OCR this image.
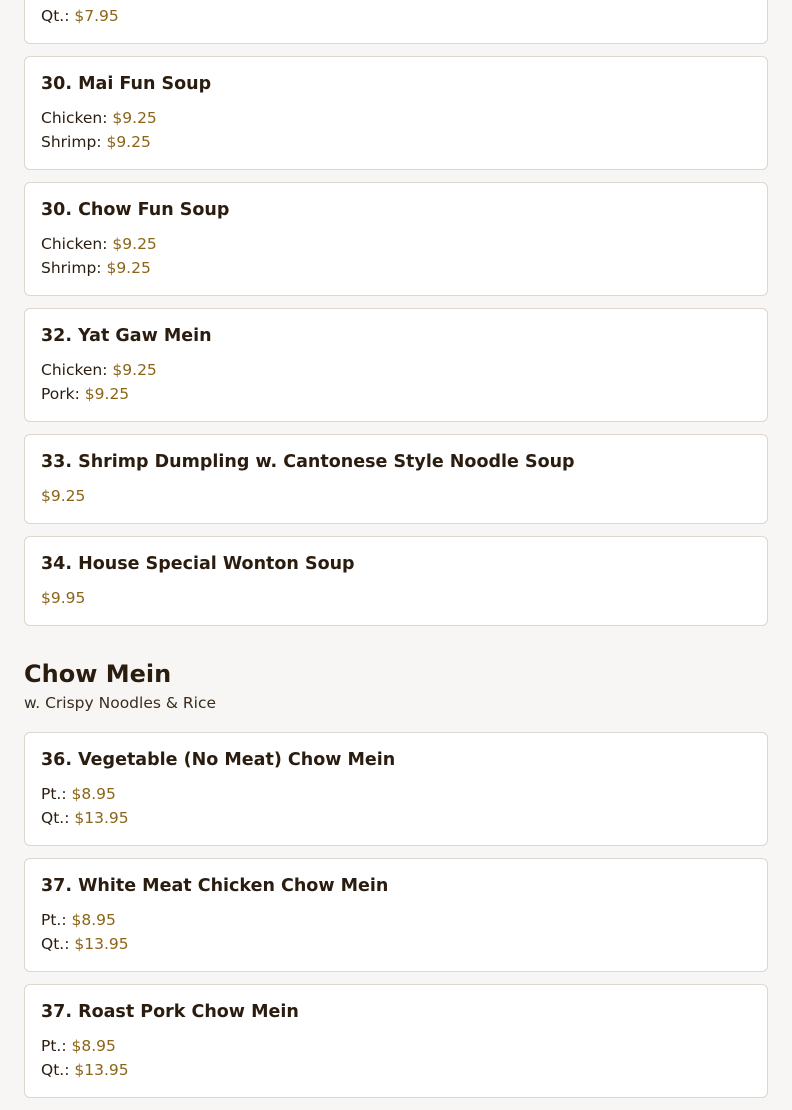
Qt.: $7.95
30. Mai Fun Soup
Chicken: $9.25
Shrimp: $9.25
30. Chow Fun Soup
Chicken: $9.25
Shrimp: $9.25
32. Yat Gaw Mein
Chicken: $9.25
Pork: $9.25
33. Shrimp Dumpling w. Cantonese Style Noodle Soup
$9.25
34. House Special Wonton Soup
$9.95
Chow Mein
w. Crispy Noodles & Rice
36. Vegetable (No Meat) Chow Mein
Pt.: $8.95
Qt.: $13.95
37. White Meat Chicken Chow Mein
Pt.: $8.95
Qt.: $13.95
37. Roast Pork Chow Mein
Pt.: $8.95
Qt.: $13.95
